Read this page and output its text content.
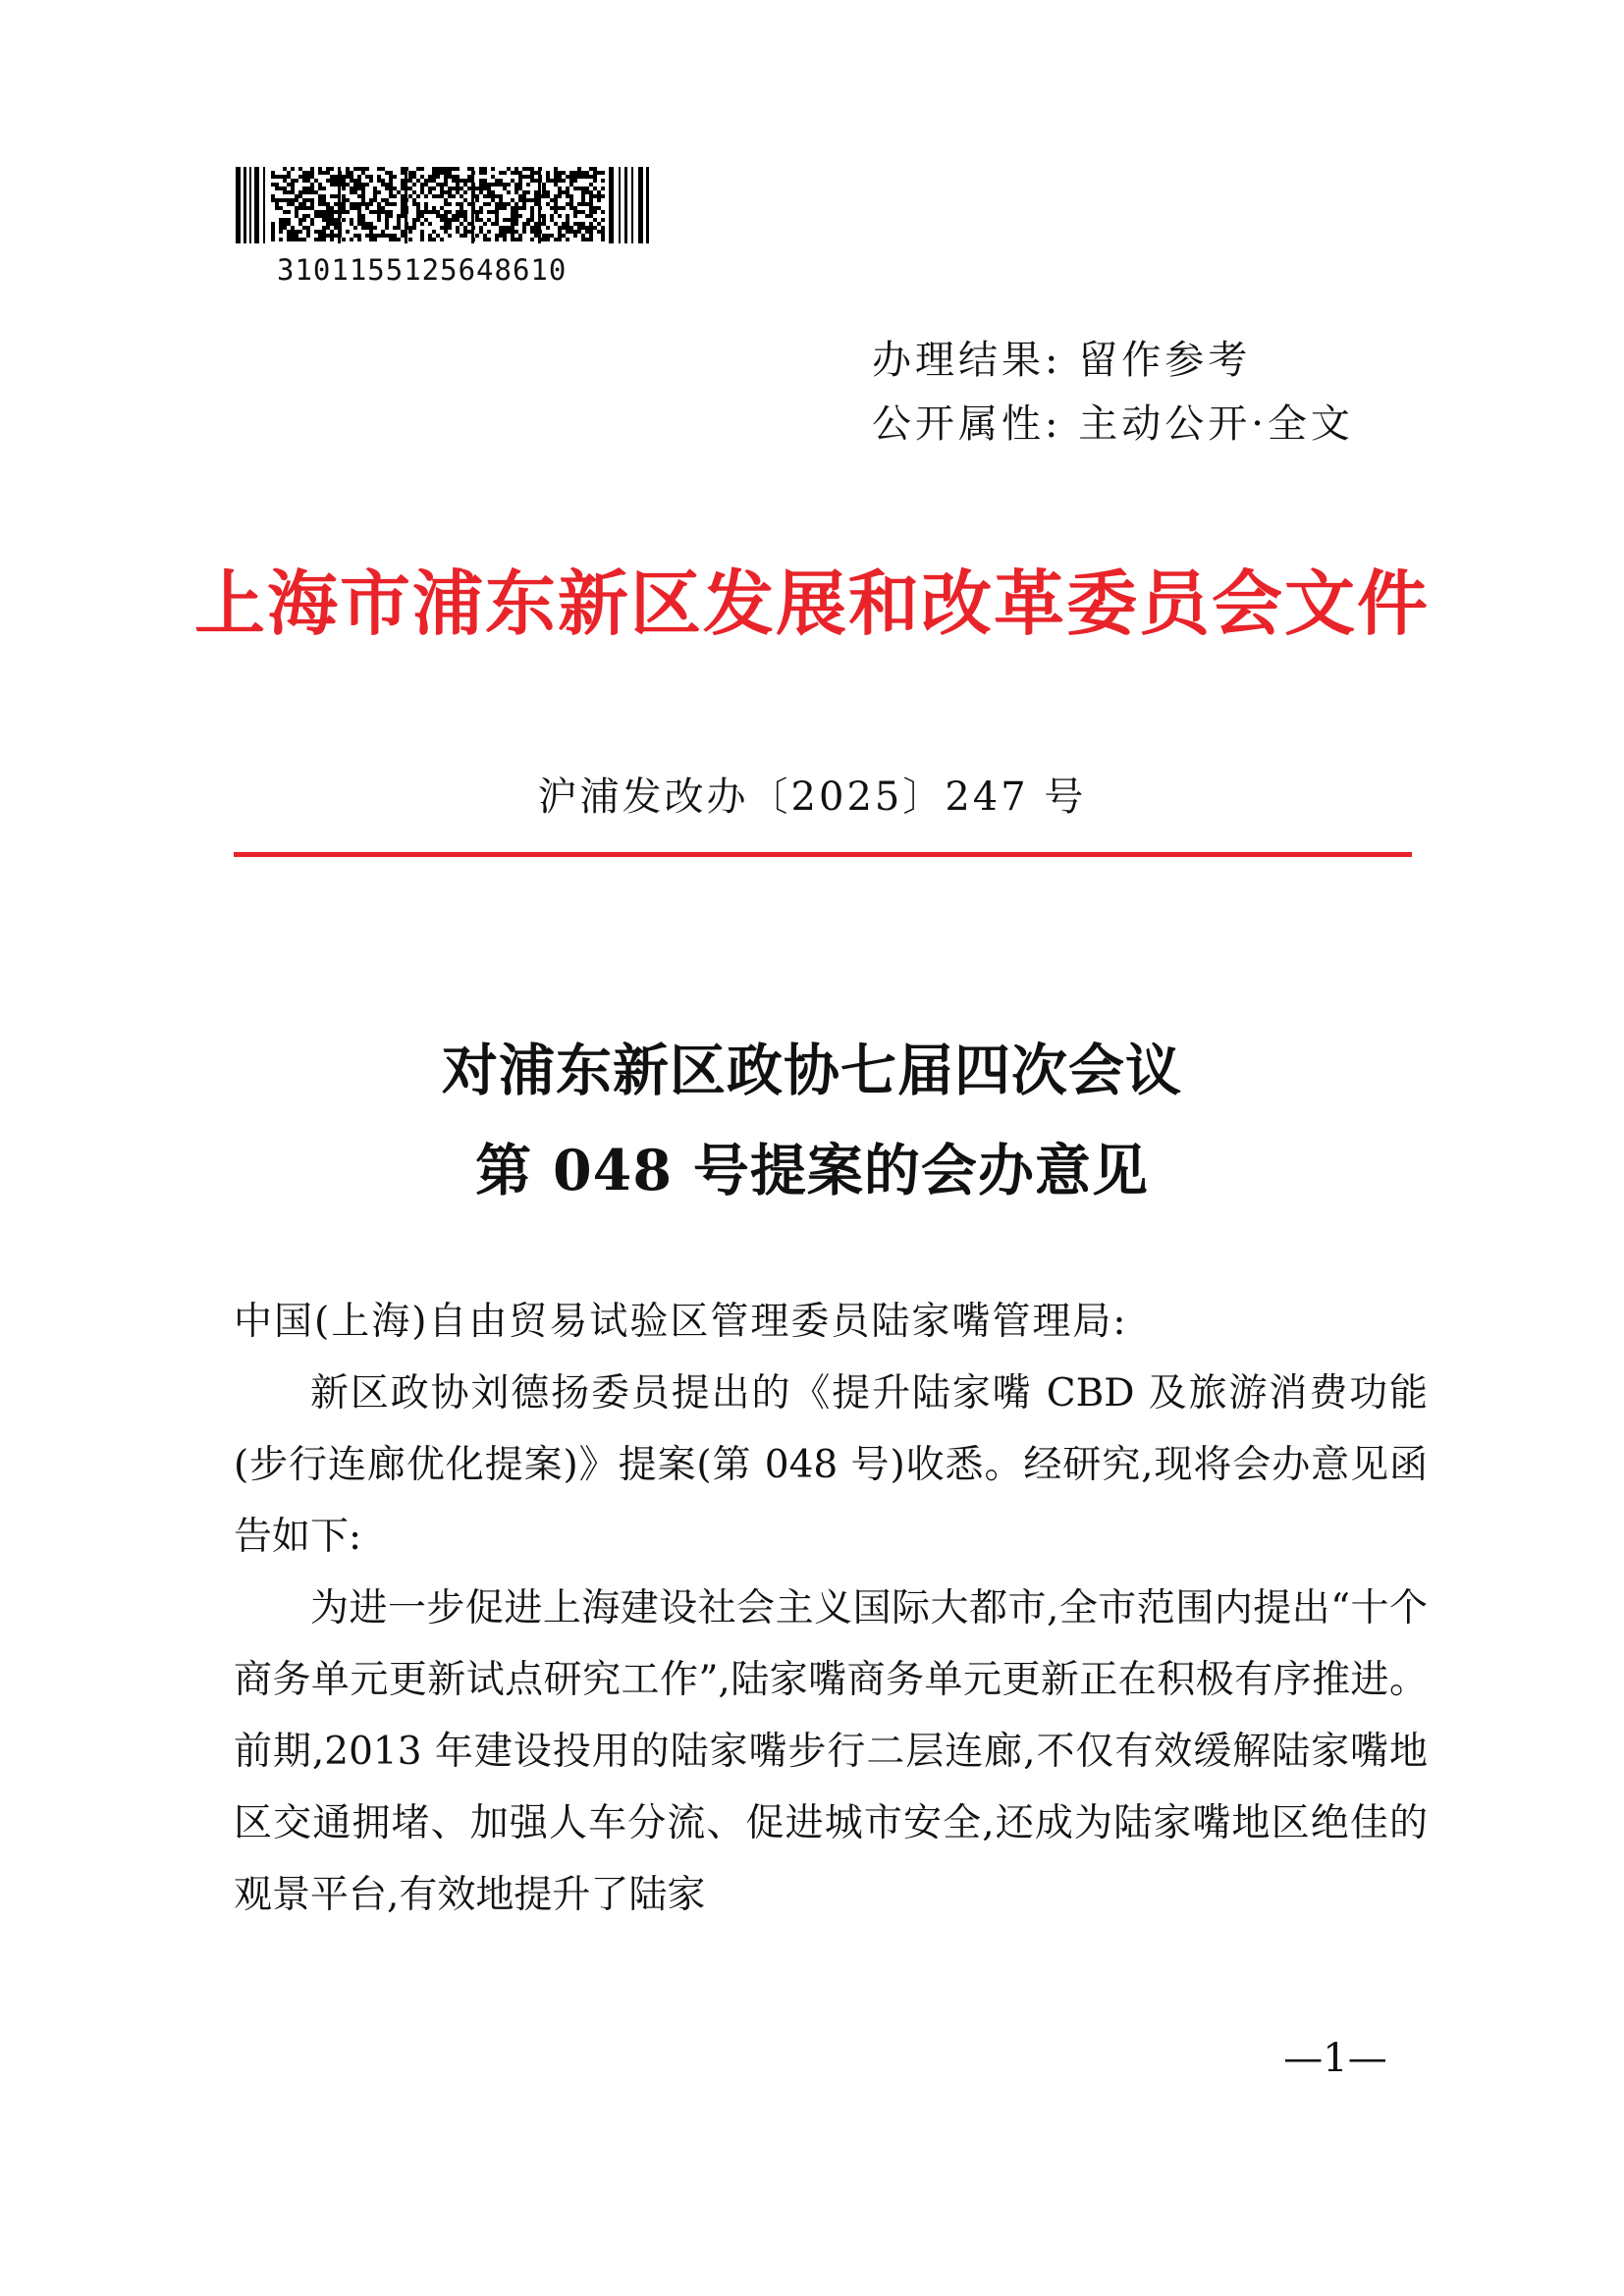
3101155125648610
办理结果: 留作参考
公开属性: 主动公开·全文
上海市浦东新区发展和改革委员会文件
沪浦发改办〔2025〕247 号
对浦东新区政协七届四次会议
第 048 号提案的会办意见
中国(上海)自由贸易试验区管理委员陆家嘴管理局:
新区政协刘德扬委员提出的《提升陆家嘴 CBD 及旅游消费功能(步行连廊优化提案)》提案(第 048 号)收悉。经研究,现将会办意见函告如下:
为进一步促进上海建设社会主义国际大都市,全市范围内提出“十个商务单元更新试点研究工作”,陆家嘴商务单元更新正在积极有序推进。前期,2013 年建设投用的陆家嘴步行二层连廊,不仅有效缓解陆家嘴地区交通拥堵、加强人车分流、促进城市安全,还成为陆家嘴地区绝佳的观景平台,有效地提升了陆家
—1—
